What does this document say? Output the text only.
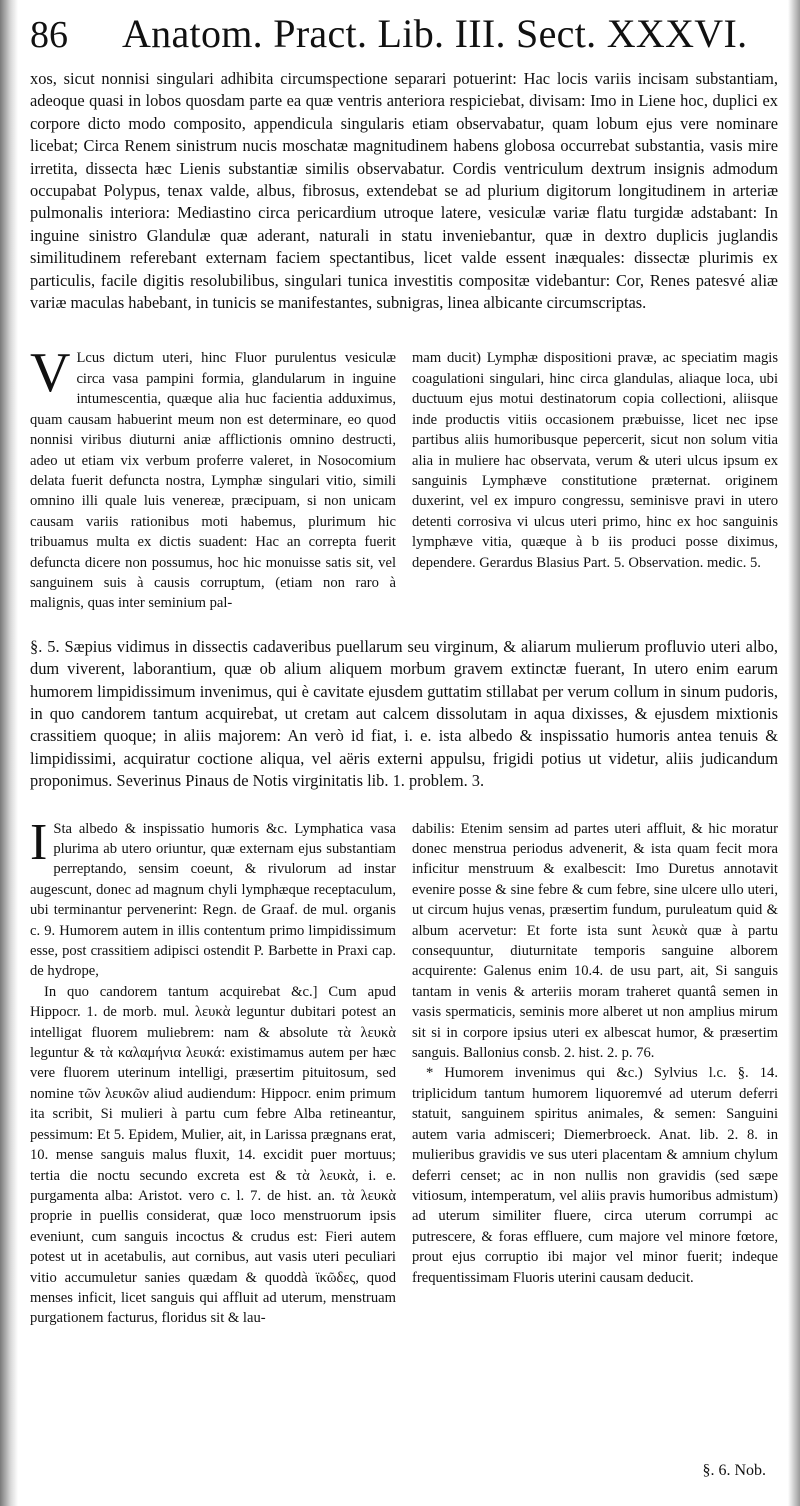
86	Anatom. Pract. Lib. III. Sect. XXXVI.

xos, sicut nonnisi singulari adhibita circumspectione separari potuerint: Hac locis variis incisam substantiam, adeoque quasi in lobos quosdam parte ea quæ ventris anteriora respiciebat, divisam: Imo in Liene hoc, duplici ex corpore dicto modo composito, appendicula singularis etiam observabatur, quam lobum ejus vere nominare licebat; Circa Renem sinistrum nucis moschatæ magnitudinem habens globosa occurrebat substantia, vasis mire irretita, dissecta hæc Lienis substantiæ similis observabatur. Cordis ventriculum dextrum insignis admodum occupabat Polypus, tenax valde, albus, fibrosus, extendebat se ad plurium digitorum longitudinem in arteriæ pulmonalis interiora: Mediastino circa pericardium utroque latere, vesiculæ variæ flatu turgidæ adstabant: In inguine sinistro Glandulæ quæ aderant, naturali in statu inveniebantur, quæ in dextro duplicis juglandis similitudinem referebant externam faciem spectantibus, licet valde essent inæquales: dissectæ plurimis ex particulis, facile digitis resolubilibus, singulari tunica investitis compositæ videbantur: Cor, Renes patesvé aliæ variæ maculas habebant, in tunicis se manifestantes, subnigras, linea albicante circumscriptas.

V Lcus dictum uteri, hinc Fluor purulentus vesiculæ circa vasa pampini formia, glandularum in inguine intumescentia, quæque alia huc facientia adduximus, quam causam habuerint meum non est determinare, eo quod nonnisi viribus diuturni aniæ afflictionis omnino destructi, adeo ut etiam vix verbum proferre valeret, in Nosocomium delata fuerit defuncta nostra, Lymphæ singulari vitio, simili omnino illi quale luis venereæ, præcipuam, si non unicam causam variis rationibus moti habemus, plurimum hic tribuamus multa ex dictis suadent: Hac an correpta fuerit defuncta dicere non possumus, hoc hic monuisse satis sit, vel sanguinem suis à causis corruptum, (etiam non raro à malignis, quas inter seminium pal-

mam ducit) Lymphæ dispositioni pravæ, ac speciatim magis coagulationi singulari, hinc circa glandulas, aliaque loca, ubi ductuum ejus motui destinatorum copia collectioni, aliisque inde productis vitiis occasionem præbuisse, licet nec ipse partibus aliis humoribusque pepercerit, sicut non solum vitia alia in muliere hac observata, verum & uteri ulcus ipsum ex sanguinis Lymphæve constitutione præternat. originem duxerint, vel ex impuro congressu, seminisve pravi in utero detenti corrosiva vi ulcus uteri primo, hinc ex hoc sanguinis lymphæve vitia, quæque à b iis produci posse diximus, dependere. Gerardus Blasius Part. 5. Observation. medic. 5.

§. 5. Sæpius vidimus in dissectis cadaveribus puellarum seu virginum, & aliarum mulierum profluvio uteri albo, dum viverent, laborantium, quæ ob alium aliquem morbum gravem extinctæ fuerant, In utero enim earum humorem limpidissimum invenimus, qui è cavitate ejusdem guttatim stillabat per verum collum in sinum pudoris, in quo candorem tantum acquirebat, ut cretam aut calcem dissolutam in aqua dixisses, & ejusdem mixtionis crassitiem quoque; in aliis majorem: An verò id fiat, i. e. ista albedo & inspissatio humoris antea tenuis & limpidissimi, acquiratur coctione aliqua, vel aëris externi appulsu, frigidi potius ut videtur, aliis judicandum proponimus. Severinus Pinaus de Notis virginitatis lib. 1. problem. 3.

I Sta albedo & inspissatio humoris &c. Lymphatica vasa plurima ab utero oriuntur, quæ externam ejus substantiam perreptando, sensim coeunt, & rivulorum ad instar augescunt, donec ad magnum chyli lymphæque receptaculum, ubi terminantur pervenerint: Regn. de Graaf. de mul. organis c. 9. Humorem autem in illis contentum primo limpidissimum esse, post crassitiem adipisci ostendit P. Barbette in Praxi cap. de hydrope,

In quo candorem tantum acquirebat &c.] Cum apud Hippocr. 1. de morb. mul. λευκὰ leguntur dubitari potest an intelligat fluorem muliebrem: nam & absolute τὰ λευκὰ leguntur & τὰ καλαμήνια λευκά: existimamus autem per hæc vere fluorem uterinum intelligi, præsertim pituitosum, sed nomine τῶν λευκῶν aliud audiendum: Hippocr. enim primum ita scribit, Si mulieri à partu cum febre Alba retineantur, pessimum: Et 5. Epidem, Mulier, ait, in Larissa prægnans erat, 10. mense sanguis malus fluxit, 14. excidit puer mortuus; tertia die noctu secundo excreta est & τὰ λευκὰ, i. e. purgamenta alba: Aristot. vero c. l. 7. de hist. an. τὰ λευκὰ proprie in puellis considerat, quæ loco menstruorum ipsis eveniunt, cum sanguis incoctus & crudus est: Fieri autem potest ut in acetabulis, aut cornibus, aut vasis uteri peculiari vitio accumuletur sanies quædam & quoddà ϊκῶδες, quod menses inficit, licet sanguis qui affluit ad uterum, menstruam purgationem facturus, floridus sit & lau-

dabilis: Etenim sensim ad partes uteri affluit, & hic moratur donec menstrua periodus advenerit, & ista quam fecit mora inficitur menstruum & exalbescit: Imo Duretus annotavit evenire posse & sine febre & cum febre, sine ulcere ullo uteri, ut circum hujus venas, præsertim fundum, puruleatum quid & album acervetur: Et forte ista sunt λευκὰ quæ à partu consequuntur, diuturnitate temporis sanguine alborem acquirente: Galenus enim 10.4. de usu part, ait, Si sanguis tantam in venis & arteriis moram traheret quantâ semen in vasis spermaticis, seminis more alberet ut non amplius mirum sit si in corpore ipsius uteri ex albescat humor, & præsertim sanguis. Ballonius consb. 2. hist. 2. p. 76.

* Humorem invenimus qui &c.) Sylvius l.c. §. 14. triplicidum tantum humorem liquoremvé ad uterum deferri statuit, sanguinem spiritus animales, & semen: Sanguini autem varia admisceri; Diemerbroeck. Anat. lib. 2. 8. in mulieribus gravidis ve sus uteri placentam & amnium chylum deferri censet; ac in non nullis non gravidis (sed sæpe vitiosum, intemperatum, vel aliis pravis humoribus admistum) ad uterum similiter fluere, circa uterum corrumpi ac putrescere, & foras effluere, cum majore vel minore fœtore, prout ejus corruptio ibi major vel minor fuerit; indeque frequentissimam Fluoris uterini causam deducit.

§. 6. Nob.
